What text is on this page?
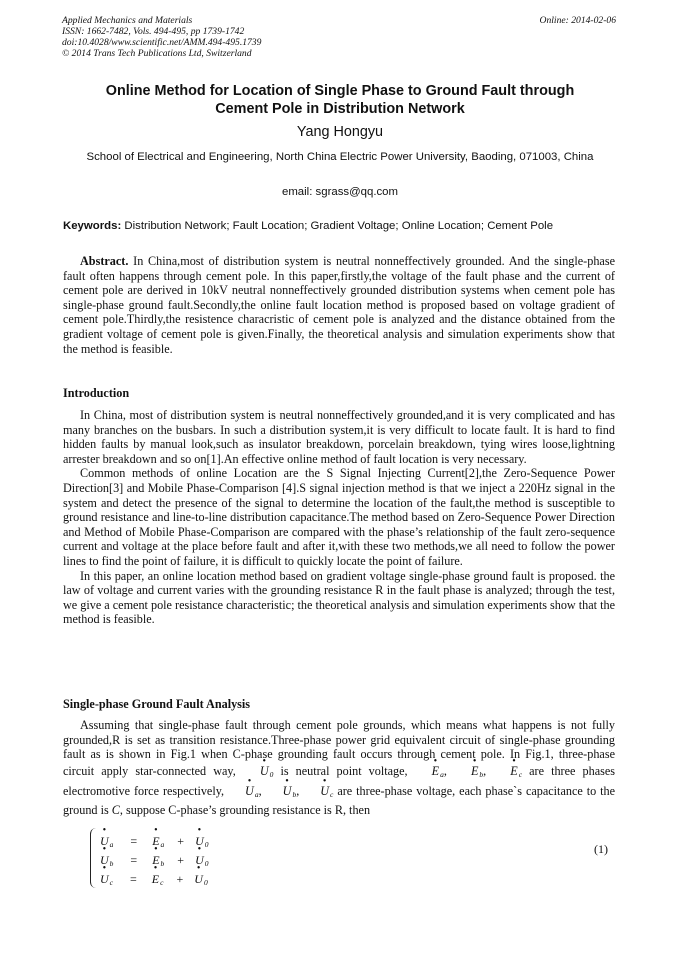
Applied Mechanics and Materials
ISSN: 1662-7482, Vols. 494-495, pp 1739-1742
doi:10.4028/www.scientific.net/AMM.494-495.1739
© 2014 Trans Tech Publications Ltd, Switzerland
Online: 2014-02-06
Online Method for Location of Single Phase to Ground Fault through
Cement Pole in Distribution Network
Yang Hongyu
School of Electrical and Engineering, North China Electric Power University, Baoding, 071003, China
email: sgrass@qq.com
Keywords: Distribution Network; Fault Location; Gradient Voltage; Online Location; Cement Pole

Abstract. In China,most of distribution system is neutral nonneffectively grounded. And the single-phase fault often happens through cement pole. In this paper,firstly,the voltage of the fault phase and the current of cement pole are derived in 10kV neutral nonneffectively grounded distribution systems when cement pole has single-phase ground fault.Secondly,the online fault location method is proposed based on voltage gradient of cement pole.Thirdly,the resistence characristic of cement pole is analyzed and the distance obtained from the gradient voltage of cement pole is given.Finally, the theoretical analysis and simulation experiments show that the method is feasible.

Introduction

In China, most of distribution system is neutral nonneffectively grounded,and it is very complicated and has many branches on the busbars. In such a distribution system,it is very difficult to locate fault. It is hard to find hidden faults by manual look,such as insulator breakdown, porcelain breakdown, tying wires loose,lightning arrester breakdown and so on[1].An effective online method of fault location is very necessary.

Common methods of online Location are the S Signal Injecting Current[2],the Zero-Sequence Power Direction[3] and Mobile Phase-Comparison [4].S signal injection method is that we inject a 220Hz signal in the system and detect the presence of the signal to determine the location of the fault,the method is susceptible to ground resistance and line-to-line distribution capacitance.The method based on Zero-Sequence Power Direction and Method of Mobile Phase-Comparison are compared with the phase’s relationship of the fault zero-sequence current and voltage at the place before fault and after it,with these two methods,we all need to follow the power lines to find the point of failure, it is difficult to quickly locate the point of failure.

In this paper, an online location method based on gradient voltage single-phase ground fault is proposed. the law of voltage and current varies with the grounding resistance R in the fault phase is analyzed; through the test, we give a cement pole resistance characteristic; the theoretical analysis and simulation experiments show that the method is feasible.

Single-phase Ground Fault Analysis

Assuming that single-phase fault through cement pole grounds, which means what happens is not fully grounded,R is set as transition resistance.Three-phase power grid equivalent circuit of single-phase grounding fault as is shown in Fig.1 when C-phase grounding fault occurs through cement pole. In Fig.1, three-phase circuit apply star-connected way, • $U_0$ is neutral point voltage, • $E_a$, • $E_b$, • $E_c$ are three phases electromotive force respectively, • $U_a$, • $U_b$, • $U_c$ are three-phase voltage, each phase`s capacitance to the ground is C, suppose C-phase’s grounding resistance is R, then

• $U_a$ = • $E_a$ + • $U_0$
• $U_b$ = • $E_b$ + • $U_0$
• $U_c$ = • $E_c$ + • $U_0$
(1)
